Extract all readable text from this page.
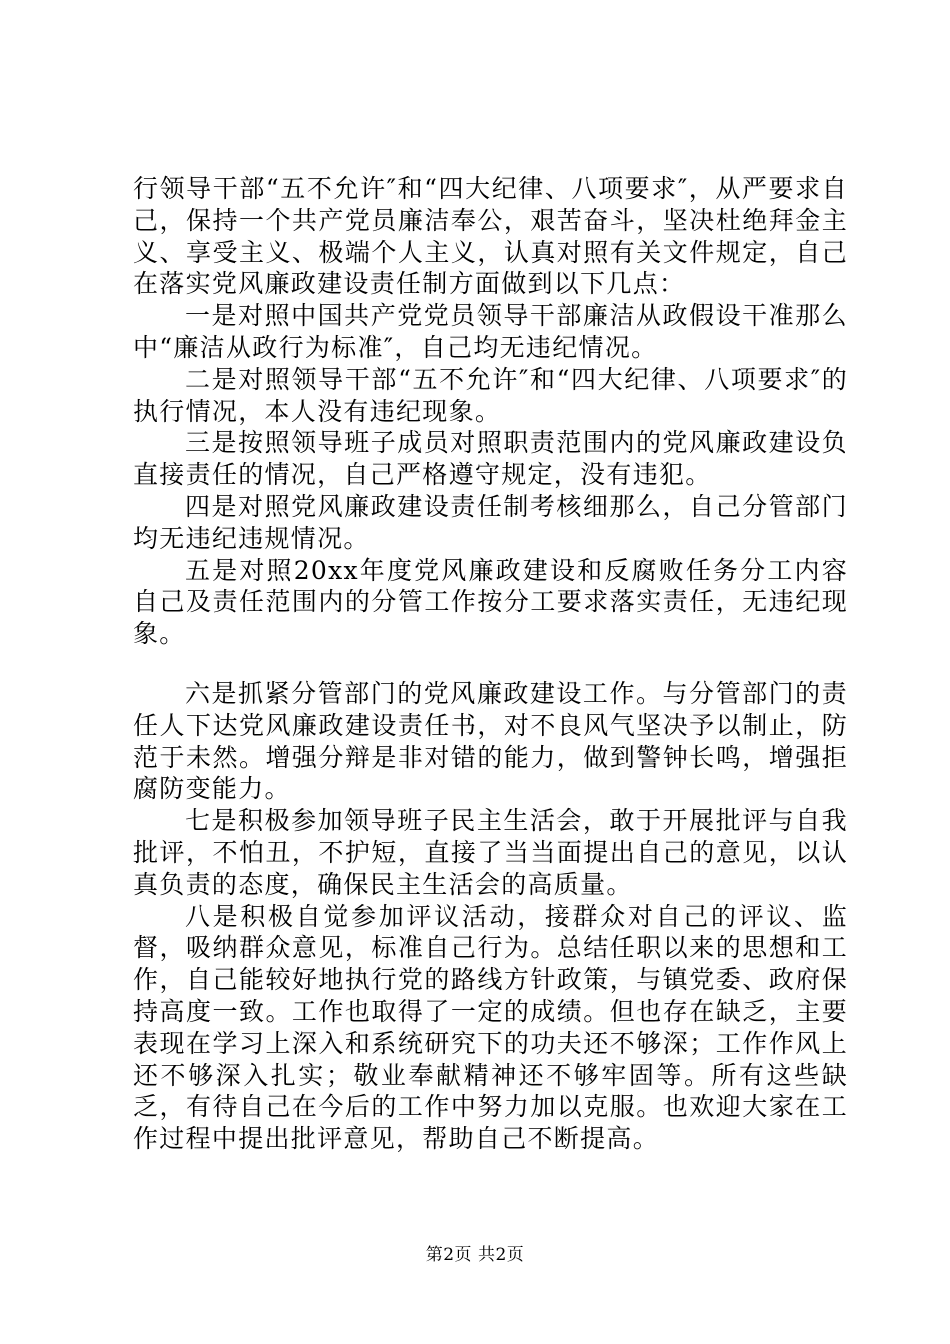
行领导干部“五不允许″和“四大纪律、八项要求″，从严要求自己，保持一个共产党员廉洁奉公，艰苦奋斗，坚决杜绝拜金主义、享受主义、极端个人主义，认真对照有关文件规定，自己在落实党风廉政建设责任制方面做到以下几点：

一是对照中国共产党党员领导干部廉洁从政假设干准那么中“廉洁从政行为标准″，自己均无违纪情况。

二是对照领导干部“五不允许″和“四大纪律、八项要求″的执行情况，本人没有违纪现象。

三是按照领导班子成员对照职责范围内的党风廉政建设负直接责任的情况，自己严格遵守规定，没有违犯。

四是对照党风廉政建设责任制考核细那么，自己分管部门均无违纪违规情况。

五是对照20xx年度党风廉政建设和反腐败任务分工内容自己及责任范围内的分管工作按分工要求落实责任，无违纪现象。

六是抓紧分管部门的党风廉政建设工作。与分管部门的责任人下达党风廉政建设责任书，对不良风气坚决予以制止，防范于未然。增强分辩是非对错的能力，做到警钟长鸣，增强拒腐防变能力。

七是积极参加领导班子民主生活会，敢于开展批评与自我批评，不怕丑，不护短，直接了当当面提出自己的意见，以认真负责的态度，确保民主生活会的高质量。

八是积极自觉参加评议活动，接群众对自己的评议、监督，吸纳群众意见，标准自己行为。总结任职以来的思想和工作，自己能较好地执行党的路线方针政策，与镇党委、政府保持高度一致。工作也取得了一定的成绩。但也存在缺乏，主要表现在学习上深入和系统研究下的功夫还不够深；工作作风上还不够深入扎实；敬业奉献精神还不够牢固等。所有这些缺乏，有待自己在今后的工作中努力加以克服。也欢迎大家在工作过程中提出批评意见，帮助自己不断提高。

第2页 共2页
